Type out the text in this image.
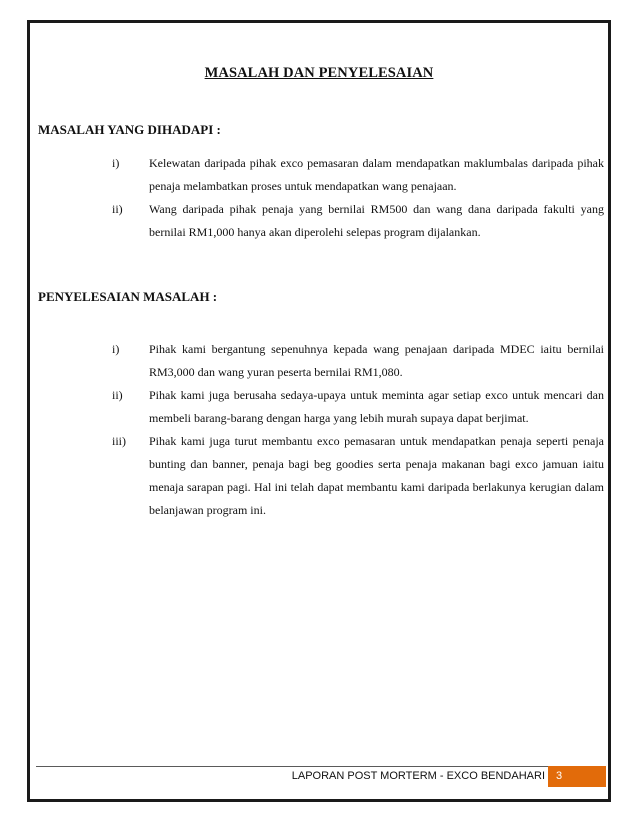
MASALAH DAN PENYELESAIAN
MASALAH YANG DIHADAPI :
i)	Kelewatan daripada pihak exco pemasaran dalam mendapatkan maklumbalas daripada pihak penaja melambatkan proses untuk mendapatkan wang penajaan.
ii)	Wang daripada pihak penaja yang bernilai RM500 dan wang dana daripada fakulti yang bernilai RM1,000 hanya akan diperolehi selepas program dijalankan.
PENYELESAIAN MASALAH :
i)	Pihak kami bergantung sepenuhnya kepada wang penajaan daripada MDEC iaitu bernilai RM3,000 dan wang yuran peserta bernilai RM1,080.
ii)	Pihak kami juga berusaha sedaya-upaya untuk meminta agar setiap exco untuk mencari dan membeli barang-barang dengan harga yang lebih murah supaya dapat berjimat.
iii)	Pihak kami juga turut membantu exco pemasaran untuk mendapatkan penaja seperti penaja bunting dan banner, penaja bagi beg goodies serta penaja makanan bagi exco jamuan iaitu menaja sarapan pagi. Hal ini telah dapat membantu kami daripada berlakunya kerugian dalam belanjawan program ini.
LAPORAN POST MORTERM - EXCO BENDAHARI	3
